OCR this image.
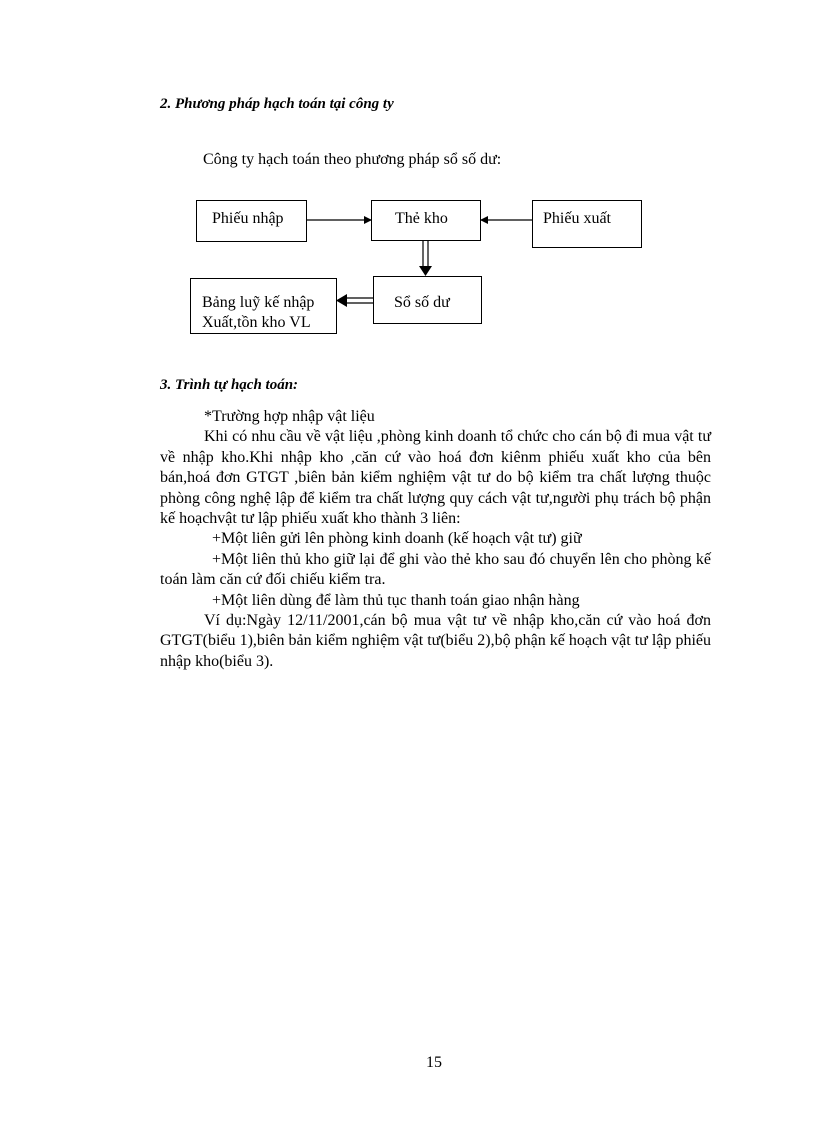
2. Phương pháp hạch toán tại công ty
Công ty hạch toán theo phương pháp sổ số dư:
Phiếu nhập	Thẻ kho	Phiếu xuất
Sổ số dư
Bảng luỹ kế nhập
Xuất,tồn kho VL
3. Trình tự hạch toán:

*Trường hợp nhập vật liệu

Khi có nhu cầu về vật liệu ,phòng kinh doanh tổ chức cho cán bộ đi mua vật tư về nhập kho.Khi nhập kho ,căn cứ vào hoá đơn kiênm phiếu xuất kho của bên bán,hoá đơn GTGT ,biên bản kiểm nghiệm vật tư do bộ kiểm tra chất lượng thuộc phòng công nghệ lập để kiểm tra chất lượng quy cách vật tư,người phụ trách bộ phận kế hoạchvật tư lập phiếu xuất kho thành 3 liên:

+Một liên gửi lên phòng kinh doanh (kế hoạch vật tư) giữ

+Một liên thủ kho giữ lại để ghi vào thẻ kho sau đó chuyển lên cho phòng kế toán làm căn cứ đối chiếu kiểm tra.

+Một liên dùng để làm thủ tục thanh toán giao nhận hàng

Ví dụ:Ngày 12/11/2001,cán bộ mua vật tư về nhập kho,căn cứ vào hoá đơn GTGT(biểu 1),biên bản kiểm nghiệm vật tư(biểu 2),bộ phận kế hoạch vật tư lập phiếu nhập kho(biểu 3).

15
